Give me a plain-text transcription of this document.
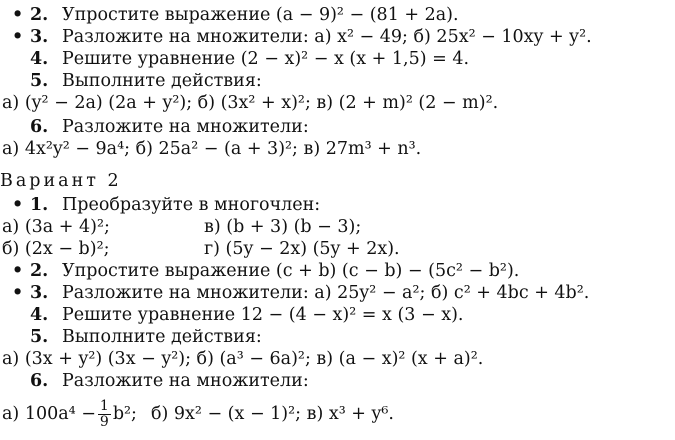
• 2. Упростите выражение (a − 9)² − (81 + 2a).
• 3. Разложите на множители: а) x² − 49; б) 25x² − 10xy + y².
4. Решите уравнение (2 − x)² − x (x + 1,5) = 4.
5. Выполните действия:
а) (y² − 2a) (2a + y²); б) (3x² + x)²; в) (2 + m)² (2 − m)².
6. Разложите на множители:
а) 4x²y² − 9a⁴; б) 25a² − (a + 3)²; в) 27m³ + n³.
Вариант 2
• 1. Преобразуйте в многочлен:
а) (3a + 4)²;	в) (b + 3) (b − 3);
б) (2x − b)²;	г) (5y − 2x) (5y + 2x).
• 2. Упростите выражение (c + b) (c − b) − (5c² − b²).
• 3. Разложите на множители: а) 25y² − a²; б) c² + 4bc + 4b².
4. Решите уравнение 12 − (4 − x)² = x (3 − x).
5. Выполните действия:
а) (3x + y²) (3x − y²); б) (a³ − 6a)²; в) (a − x)² (x + a)².
6. Разложите на множители:
а) $100a^4 - \frac{1}{9} b^2$; б) 9x² − (x − 1)²; в) x³ + y⁶.
